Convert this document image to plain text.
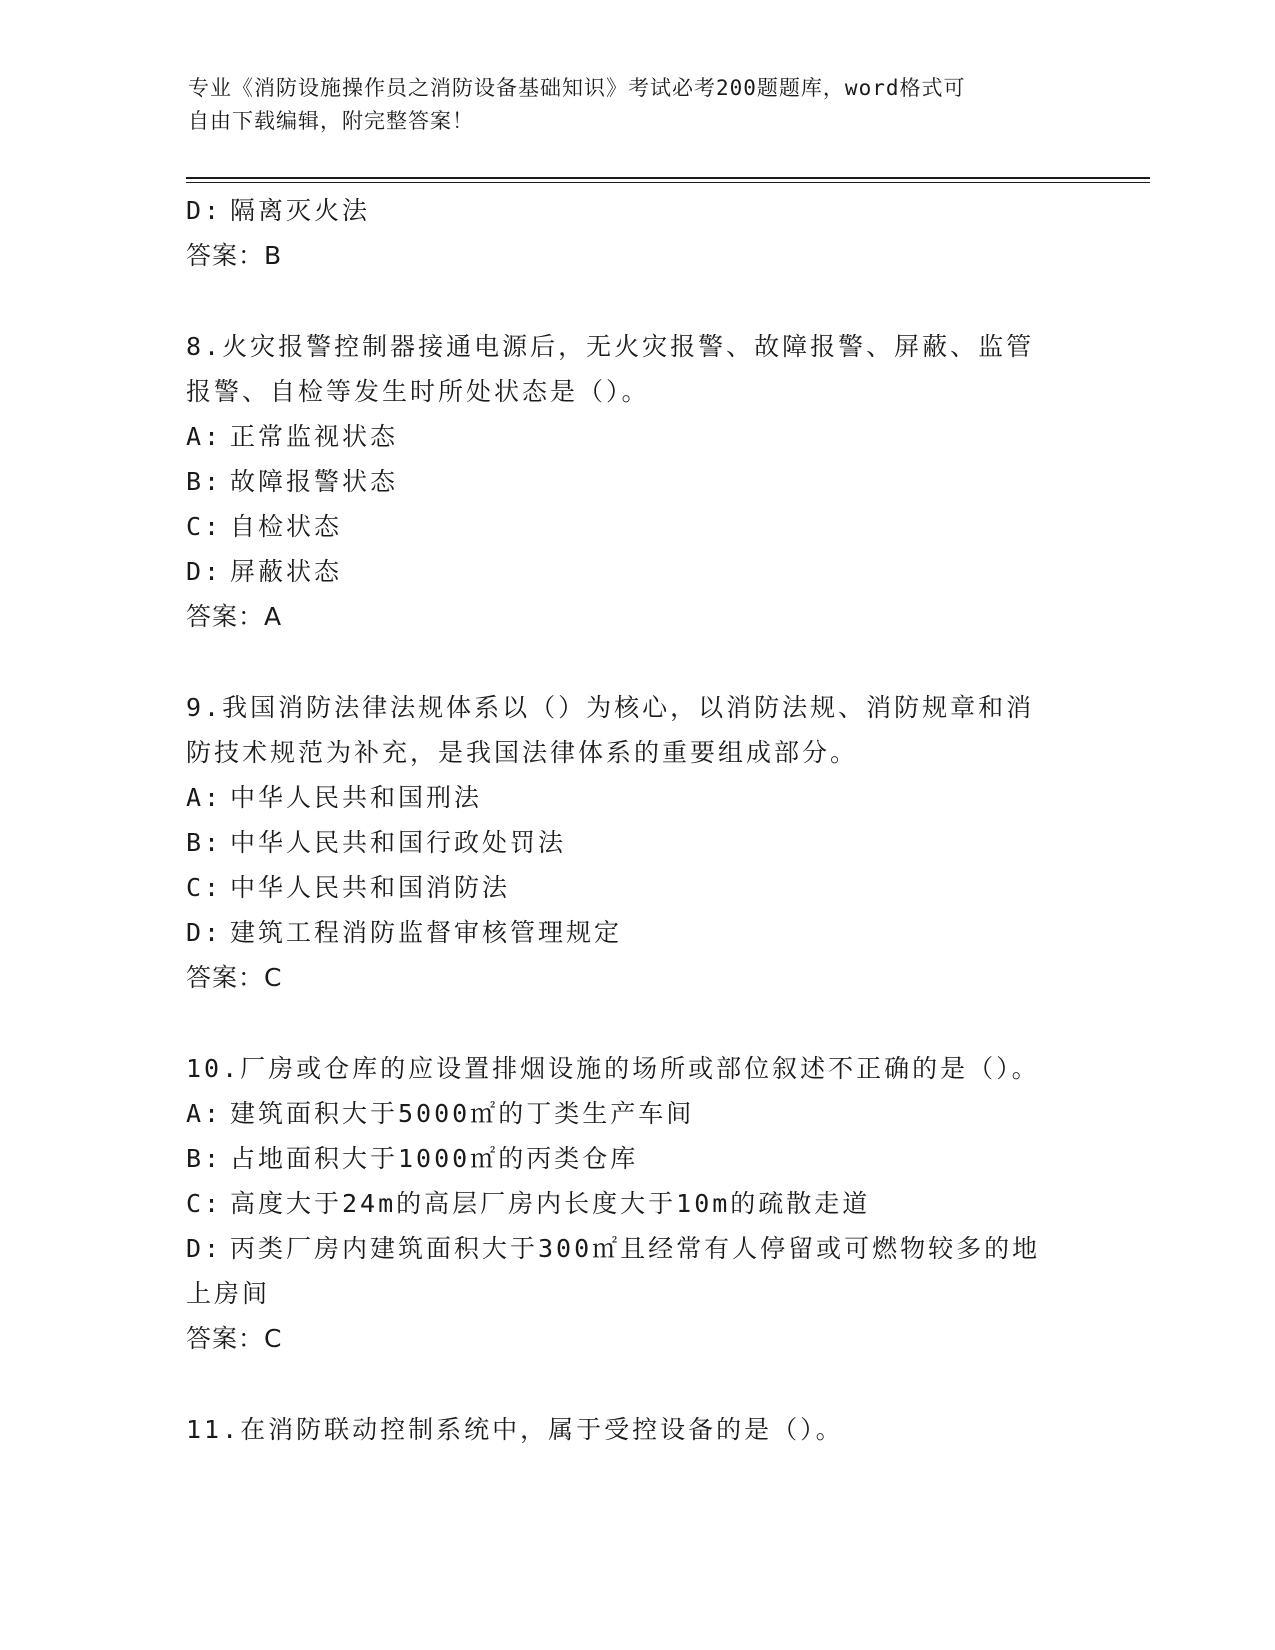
专业《消防设施操作员之消防设备基础知识》考试必考200题题库，word格式可
自由下载编辑，附完整答案！
D: 隔离灭火法
答案：B
8.火灾报警控制器接通电源后，无火灾报警、故障报警、屏蔽、监管
报警、自检等发生时所处状态是（）。
A: 正常监视状态
B: 故障报警状态
C: 自检状态
D: 屏蔽状态
答案：A
9.我国消防法律法规体系以（）为核心，以消防法规、消防规章和消
防技术规范为补充，是我国法律体系的重要组成部分。
A: 中华人民共和国刑法
B: 中华人民共和国行政处罚法
C: 中华人民共和国消防法
D: 建筑工程消防监督审核管理规定
答案：C
10.厂房或仓库的应设置排烟设施的场所或部位叙述不正确的是（）。
A: 建筑面积大于5000㎡的丁类生产车间
B: 占地面积大于1000㎡的丙类仓库
C: 高度大于24m的高层厂房内长度大于10m的疏散走道
D: 丙类厂房内建筑面积大于300㎡且经常有人停留或可燃物较多的地
上房间
答案：C
11.在消防联动控制系统中，属于受控设备的是（）。
